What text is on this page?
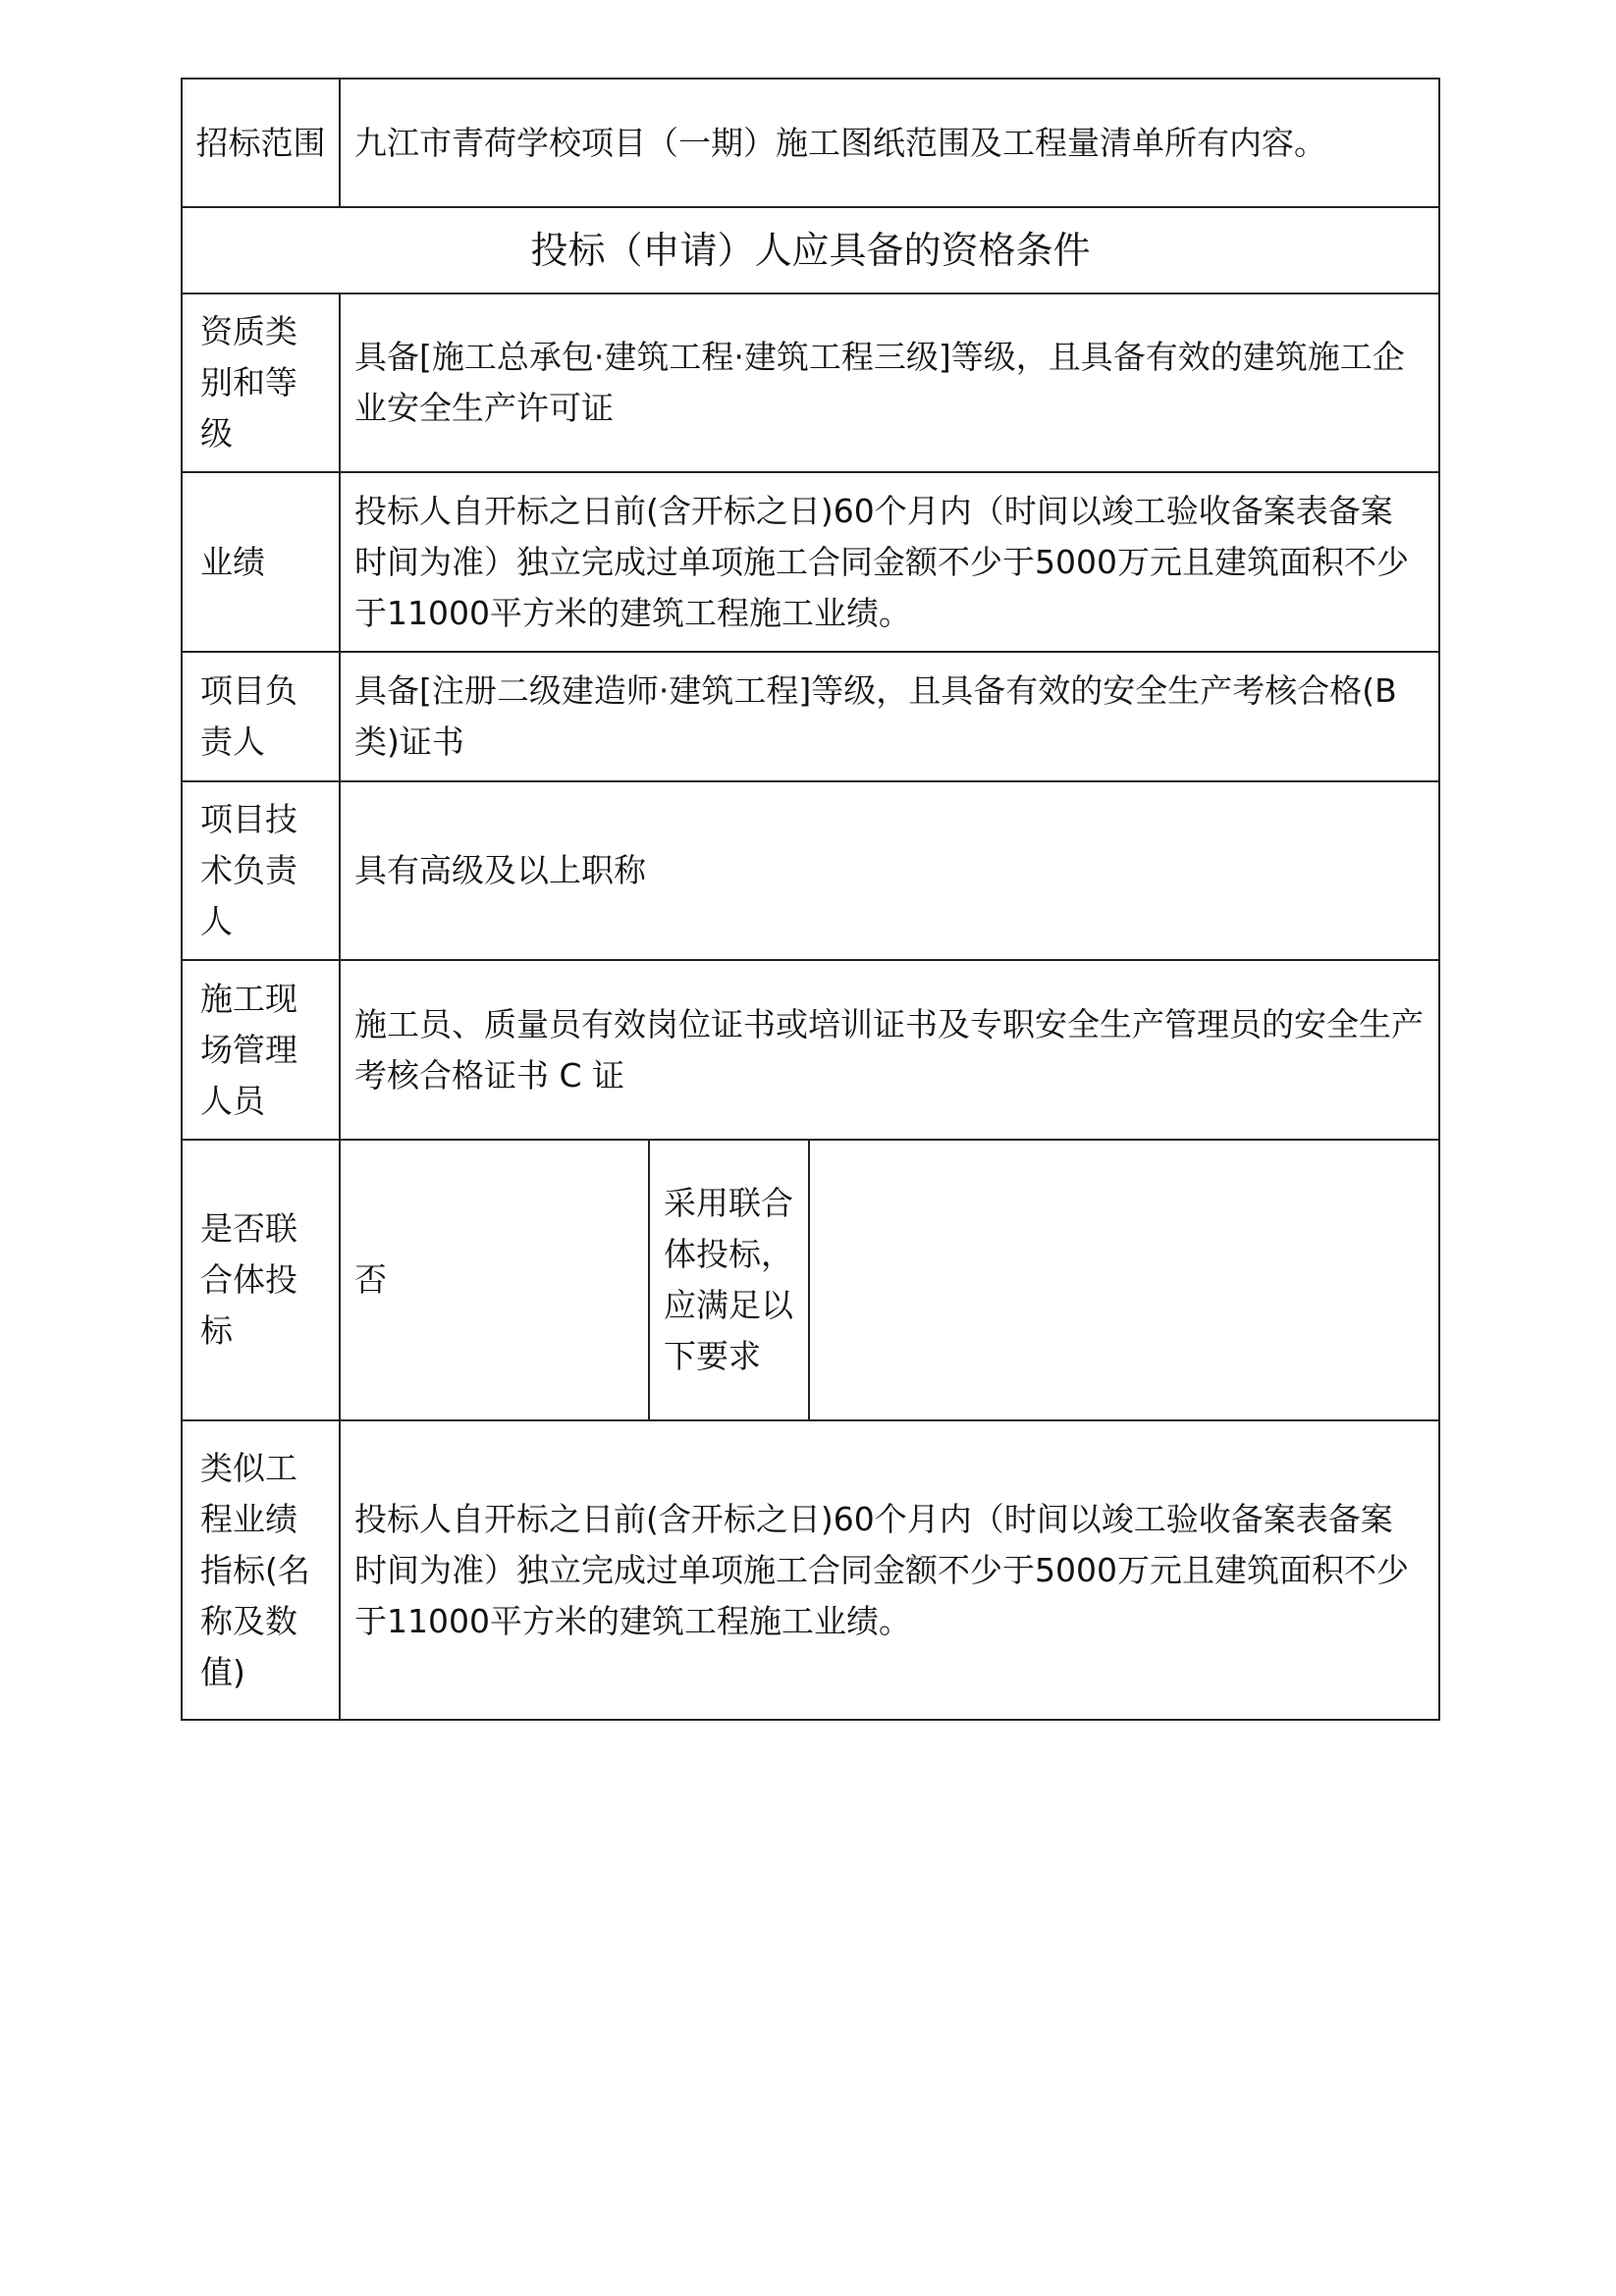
招标范围	九江市青荷学校项目（一期）施工图纸范围及工程量清单所有内容。		
投标（申请）人应具备的资格条件			
资质类别和等级	具备[施工总承包·建筑工程·建筑工程三级]等级，且具备有效的建筑施工企业安全生产许可证		
业绩	投标人自开标之日前(含开标之日)60个月内（时间以竣工验收备案表备案时间为准）独立完成过单项施工合同金额不少于5000万元且建筑面积不少于11000平方米的建筑工程施工业绩。		
项目负责人	具备[注册二级建造师·建筑工程]等级，且具备有效的安全生产考核合格(B类)证书		
项目技术负责人	具有高级及以上职称		
施工现场管理人员	施工员、质量员有效岗位证书或培训证书及专职安全生产管理员的安全生产考核合格证书 C 证		
是否联合体投标	否	采用联合体投标，应满足以下要求	
类似工程业绩指标(名称及数值)	投标人自开标之日前(含开标之日)60个月内（时间以竣工验收备案表备案时间为准）独立完成过单项施工合同金额不少于5000万元且建筑面积不少于11000平方米的建筑工程施工业绩。		
